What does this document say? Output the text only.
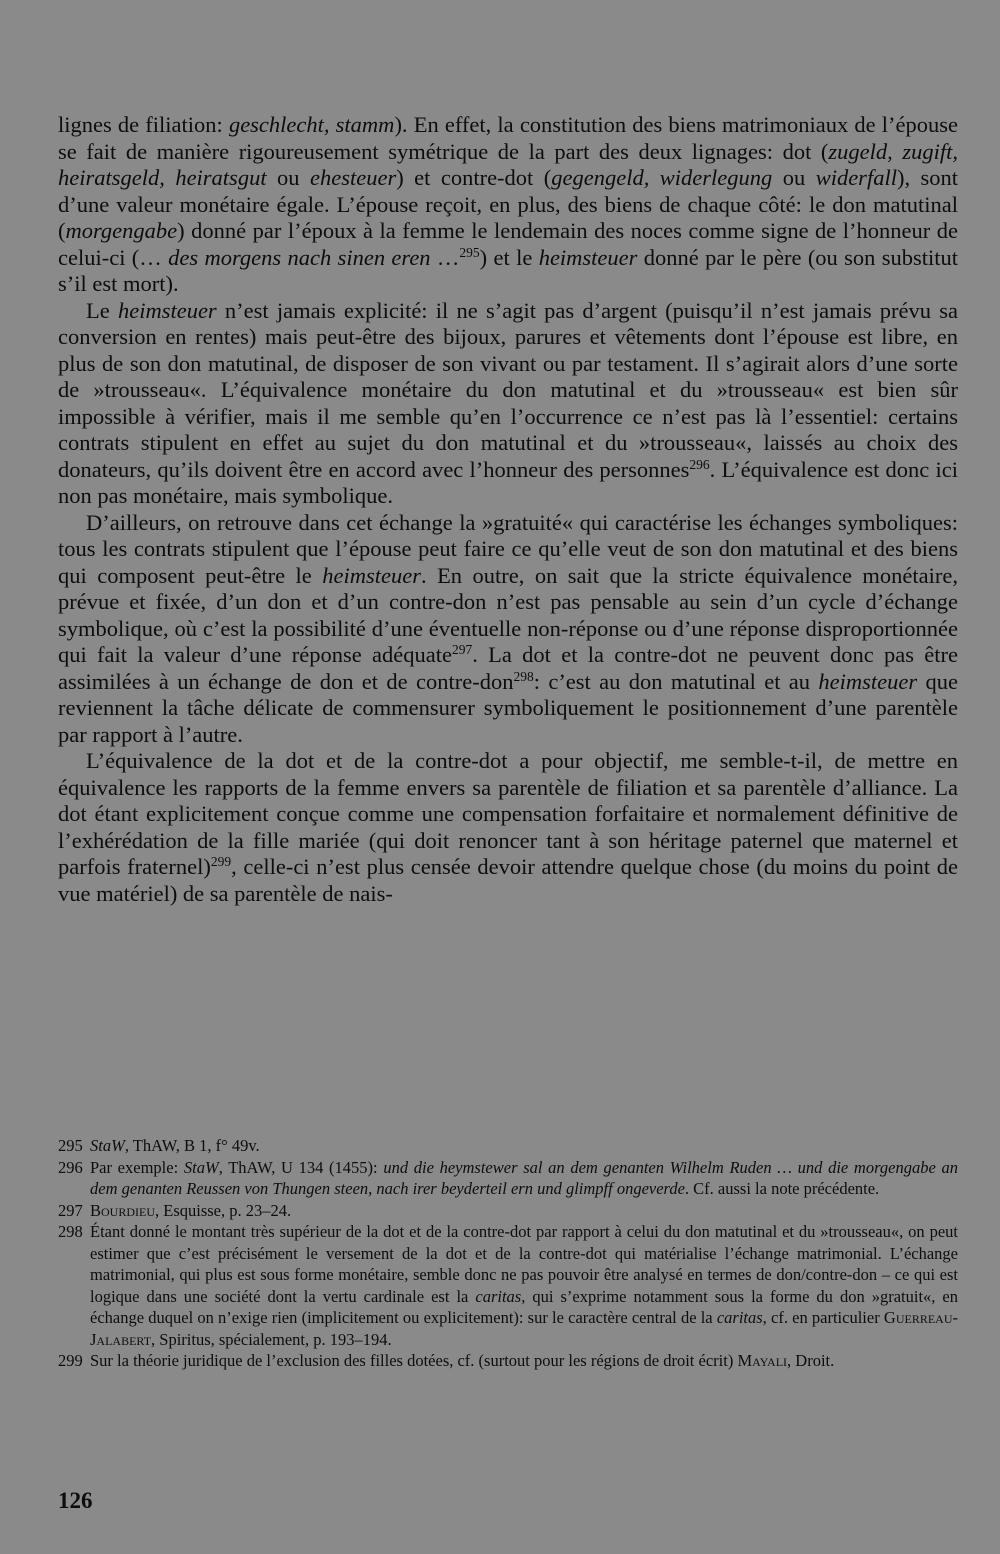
lignes de filiation: geschlecht, stamm). En effet, la constitution des biens matrimoniaux de l’épouse se fait de manière rigoureusement symétrique de la part des deux lignages: dot (zugeld, zugift, heiratsgeld, heiratsgut ou ehesteuer) et contre-dot (gegengeld, widerlegung ou widerfall), sont d’une valeur monétaire égale. L’épouse reçoit, en plus, des biens de chaque côté: le don matutinal (morgengabe) donné par l’époux à la femme le lendemain des noces comme signe de l’honneur de celui-ci (… des morgens nach sinen eren …$^{295}$) et le heimsteuer donné par le père (ou son substitut s’il est mort).

Le heimsteuer n’est jamais explicité: il ne s’agit pas d’argent (puisqu’il n’est jamais prévu sa conversion en rentes) mais peut-être des bijoux, parures et vêtements dont l’épouse est libre, en plus de son don matutinal, de disposer de son vivant ou par testament. Il s’agirait alors d’une sorte de »trousseau«. L’équivalence monétaire du don matutinal et du »trousseau« est bien sûr impossible à vérifier, mais il me semble qu’en l’occurrence ce n’est pas là l’essentiel: certains contrats stipulent en effet au sujet du don matutinal et du »trousseau«, laissés au choix des donateurs, qu’ils doivent être en accord avec l’honneur des personnes$^{296}$. L’équivalence est donc ici non pas monétaire, mais symbolique.

D’ailleurs, on retrouve dans cet échange la »gratuité« qui caractérise les échanges symboliques: tous les contrats stipulent que l’épouse peut faire ce qu’elle veut de son don matutinal et des biens qui composent peut-être le heimsteuer. En outre, on sait que la stricte équivalence monétaire, prévue et fixée, d’un don et d’un contre-don n’est pas pensable au sein d’un cycle d’échange symbolique, où c’est la possibilité d’une éventuelle non-réponse ou d’une réponse disproportionnée qui fait la valeur d’une réponse adéquate$^{297}$. La dot et la contre-dot ne peuvent donc pas être assimilées à un échange de don et de contre-don$^{298}$: c’est au don matutinal et au heimsteuer que reviennent la tâche délicate de commensurer symboliquement le positionnement d’une parentèle par rapport à l’autre.

L’équivalence de la dot et de la contre-dot a pour objectif, me semble-t-il, de mettre en équivalence les rapports de la femme envers sa parentèle de filiation et sa parentèle d’alliance. La dot étant explicitement conçue comme une compensation forfaitaire et normalement définitive de l’exhérédation de la fille mariée (qui doit renoncer tant à son héritage paternel que maternel et parfois fraternel)$^{299}$, celle-ci n’est plus censée devoir attendre quelque chose (du moins du point de vue matériel) de sa parentèle de nais-

295 StaW, ThAW, B 1, f° 49v.
296 Par exemple: StaW, ThAW, U 134 (1455): und die heymstewer sal an dem genanten Wilhelm Ruden … und die morgengabe an dem genanten Reussen von Thungen steen, nach irer beyderteil ern und glimpff ongeverde. Cf. aussi la note précédente.
297 Bourdieu, Esquisse, p. 23–24.
298 Étant donné le montant très supérieur de la dot et de la contre-dot par rapport à celui du don matutinal et du »trousseau«, on peut estimer que c’est précisément le versement de la dot et de la contre-dot qui matérialise l’échange matrimonial. L’échange matrimonial, qui plus est sous forme monétaire, semble donc ne pas pouvoir être analysé en termes de don/contre-don – ce qui est logique dans une société dont la vertu cardinale est la caritas, qui s’exprime notamment sous la forme du don »gratuit«, en échange duquel on n’exige rien (implicitement ou explicitement): sur le caractère central de la caritas, cf. en particulier Guerreau-Jalabert, Spiritus, spécialement, p. 193–194.
299 Sur la théorie juridique de l’exclusion des filles dotées, cf. (surtout pour les régions de droit écrit) Mayali, Droit.
126
